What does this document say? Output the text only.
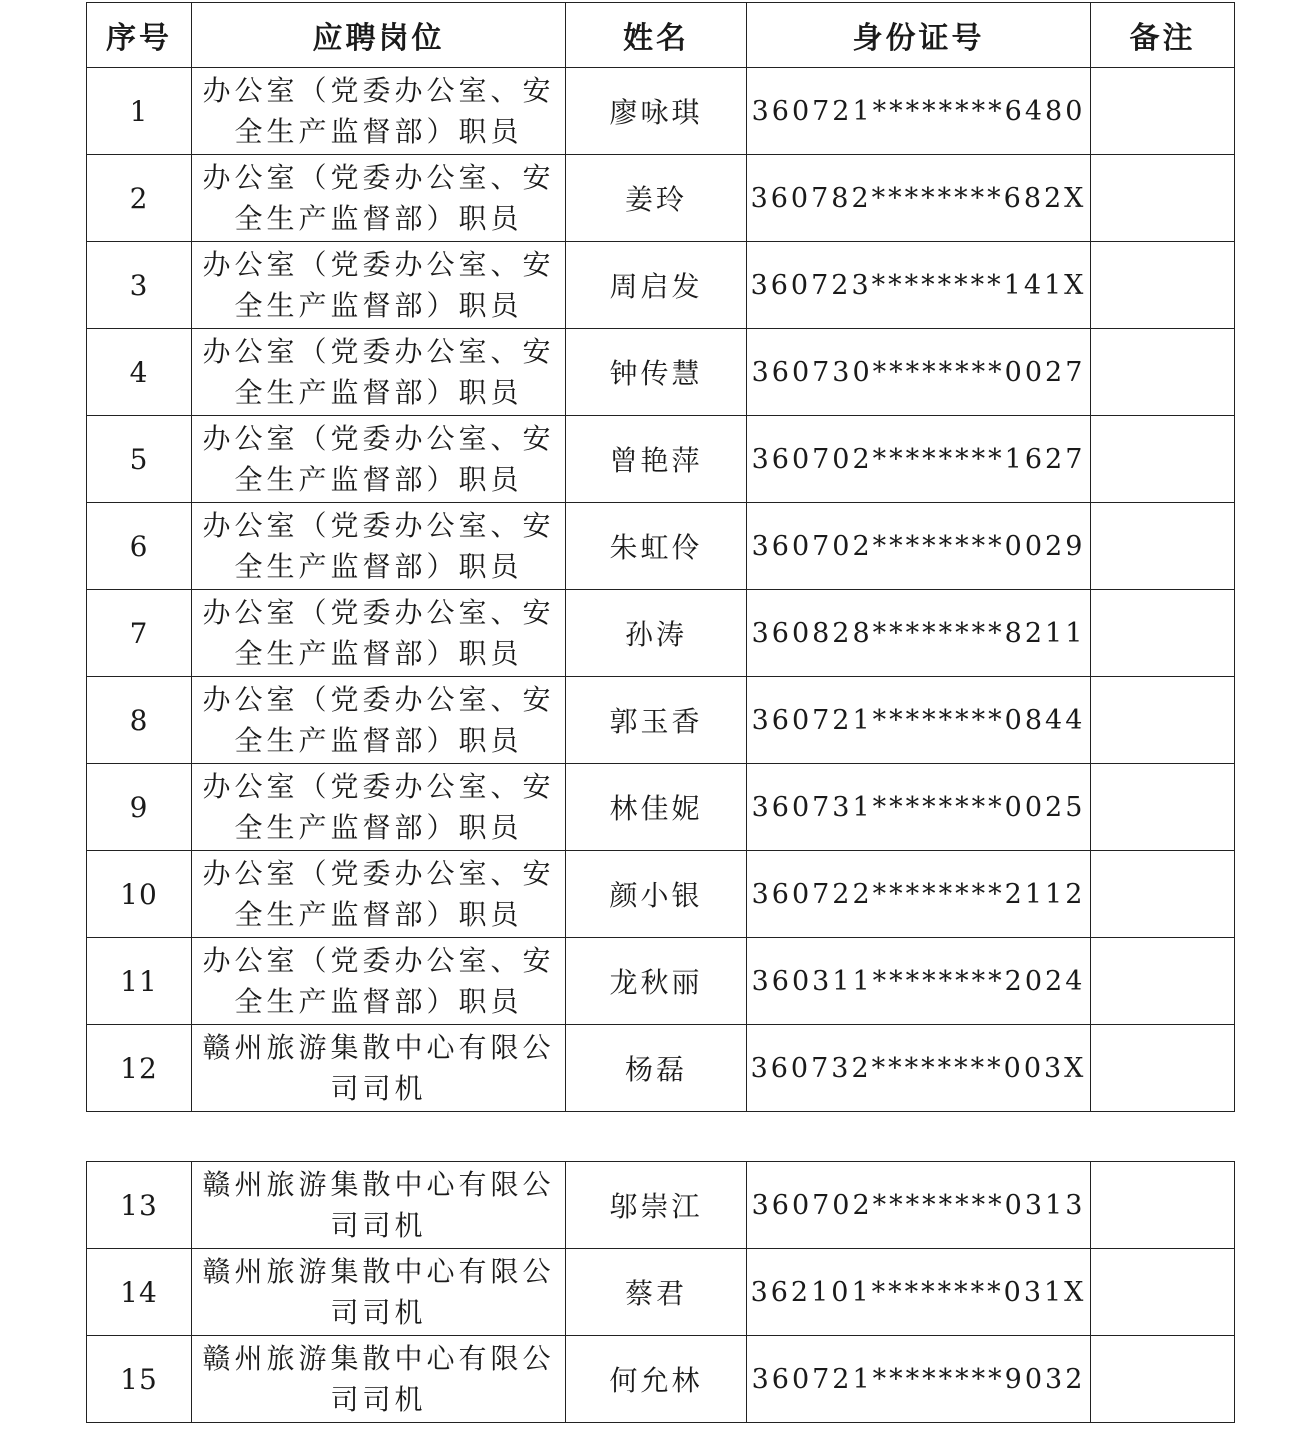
序号	应聘岗位	姓名	身份证号	备注
1	办公室（党委办公室、安全生产监督部）职员	廖咏琪	360721********6480	
2	办公室（党委办公室、安全生产监督部）职员	姜玲	360782********682X	
3	办公室（党委办公室、安全生产监督部）职员	周启发	360723********141X	
4	办公室（党委办公室、安全生产监督部）职员	钟传慧	360730********0027	
5	办公室（党委办公室、安全生产监督部）职员	曾艳萍	360702********1627	
6	办公室（党委办公室、安全生产监督部）职员	朱虹伶	360702********0029	
7	办公室（党委办公室、安全生产监督部）职员	孙涛	360828********8211	
8	办公室（党委办公室、安全生产监督部）职员	郭玉香	360721********0844	
9	办公室（党委办公室、安全生产监督部）职员	林佳妮	360731********0025	
10	办公室（党委办公室、安全生产监督部）职员	颜小银	360722********2112	
11	办公室（党委办公室、安全生产监督部）职员	龙秋丽	360311********2024	
12	赣州旅游集散中心有限公司司机	杨磊	360732********003X	
13	赣州旅游集散中心有限公司司机	邬崇江	360702********0313	
14	赣州旅游集散中心有限公司司机	蔡君	362101********031X	
15	赣州旅游集散中心有限公司司机	何允林	360721********9032	
